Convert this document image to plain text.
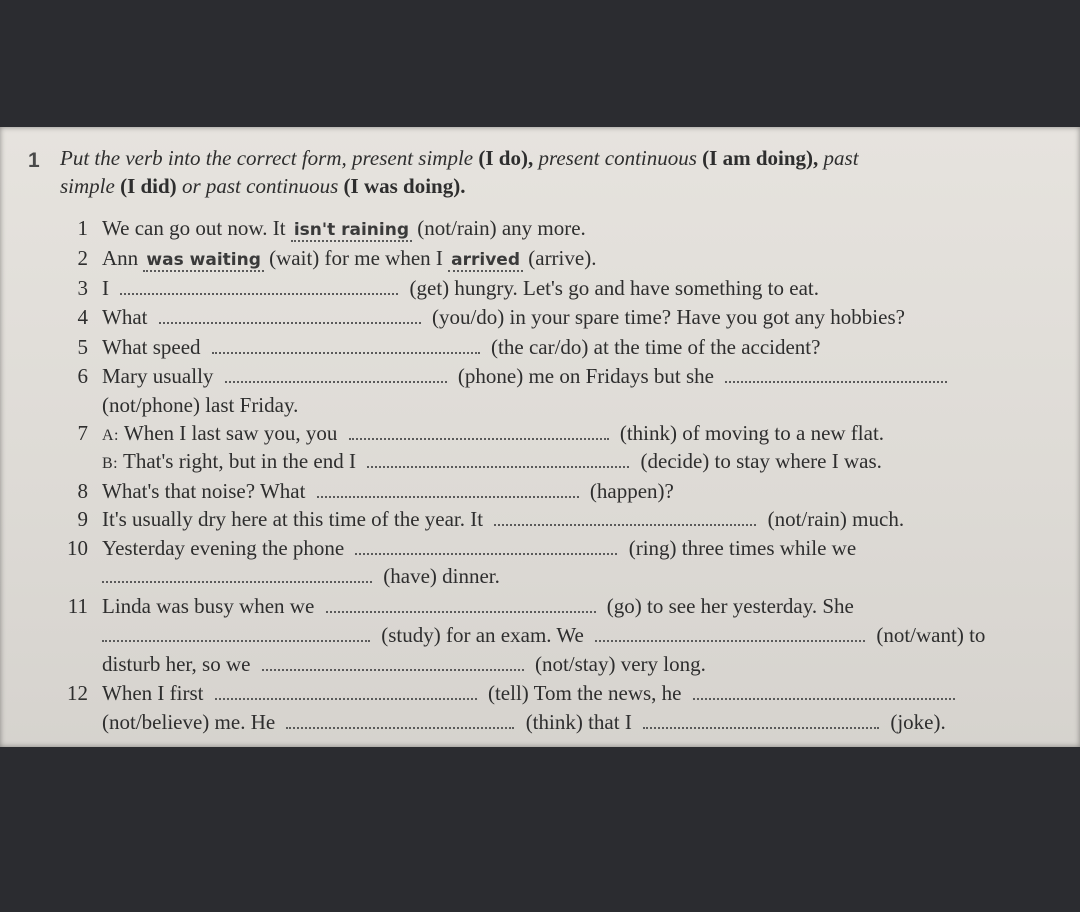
1 Put the verb into the correct form, present simple (I do), present continuous (I am doing), past
simple (I did) or past continuous (I was doing).
1 We can go out now. It isn't raining (not/rain) any more.
2 Ann was waiting (wait) for me when I arrived (arrive).
3 I	(get) hungry. Let's go and have something to eat.
4 What	(you/do) in your spare time? Have you got any hobbies?
5 What speed	(the car/do) at the time of the accident?
6 Mary usually	(phone) me on Fridays but she
(not/phone) last Friday.
7 A: When I last saw you, you	(think) of moving to a new flat.
B: That's right, but in the end I	(decide) to stay where I was.
8 What's that noise? What	(happen)?
9 It's usually dry here at this time of the year. It	(not/rain) much.
10 Yesterday evening the phone	(ring) three times while we
(have) dinner.
11 Linda was busy when we	(go) to see her yesterday. She
(study) for an exam. We	(not/want) to
disturb her, so we	(not/stay) very long.
12 When I first	(tell) Tom the news, he
(not/believe) me. He	(think) that I	(joke).
